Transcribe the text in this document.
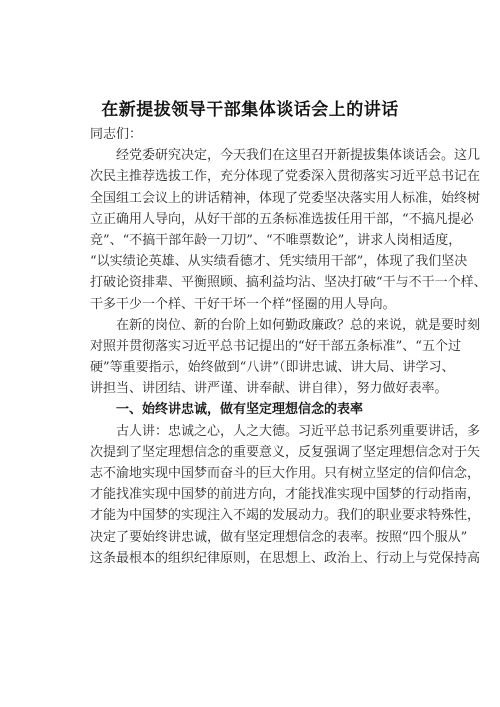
在新提拔领导干部集体谈话会上的讲话
同志们：
经党委研究决定，今天我们在这里召开新提拔集体谈话会。这几
次民主推荐选拔工作，充分体现了党委深入贯彻落实习近平总书记在
全国组工会议上的讲话精神，体现了党委坚决落实用人标准，始终树
立正确用人导向，从好干部的五条标准选拔任用干部，“不搞凡提必
竞”、“不搞干部年龄一刀切”、“不唯票数论”，讲求人岗相适度，
“以实绩论英雄、从实绩看德才、凭实绩用干部”，体现了我们坚决
打破论资排辈、平衡照顾、搞利益均沾、坚决打破“干与不干一个样、
干多干少一个样、干好干坏一个样”怪圈的用人导向。
在新的岗位、新的台阶上如何勤政廉政？总的来说，就是要时刻
对照并贯彻落实习近平总书记提出的“好干部五条标准”、“五个过
硬”等重要指示，始终做到“八讲”（即讲忠诚、讲大局、讲学习、
讲担当、讲团结、讲严谨、讲奉献、讲自律），努力做好表率。
一、始终讲忠诚，做有坚定理想信念的表率
古人讲：忠诚之心，人之大德。习近平总书记系列重要讲话，多
次提到了坚定理想信念的重要意义，反复强调了坚定理想信念对于矢
志不渝地实现中国梦而奋斗的巨大作用。只有树立坚定的信仰信念，
才能找准实现中国梦的前进方向，才能找准实现中国梦的行动指南，
才能为中国梦的实现注入不竭的发展动力。我们的职业要求特殊性，
决定了要始终讲忠诚，做有坚定理想信念的表率。按照“四个服从”
这条最根本的组织纪律原则，在思想上、政治上、行动上与党保持高
